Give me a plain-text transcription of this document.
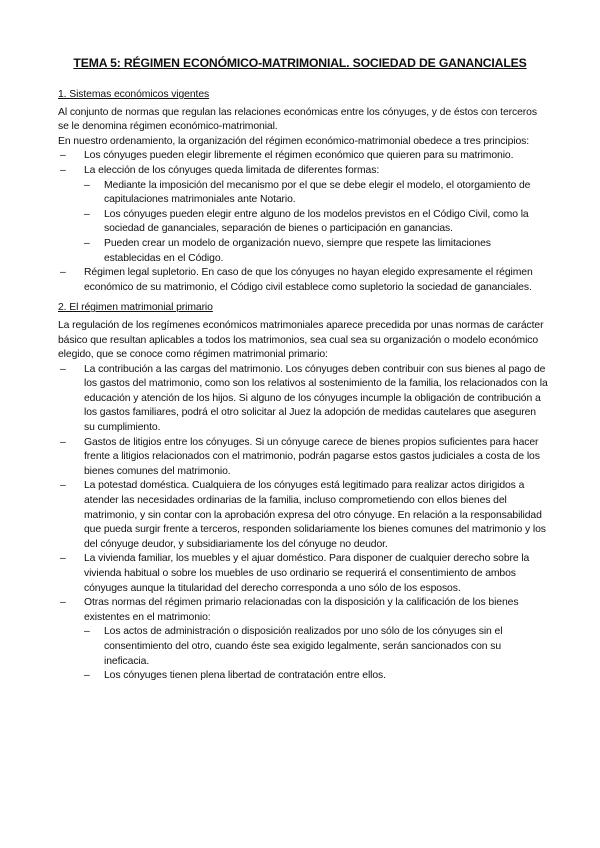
TEMA 5: RÉGIMEN ECONÓMICO-MATRIMONIAL. SOCIEDAD DE GANANCIALES
1. Sistemas económicos vigentes

Al conjunto de normas que regulan las relaciones económicas entre los cónyuges, y de éstos con terceros se le denomina régimen económico-matrimonial.

En nuestro ordenamiento, la organización del régimen económico-matrimonial obedece a tres principios:

– Los cónyuges pueden elegir libremente el régimen económico que quieren para su matrimonio.
– La elección de los cónyuges queda limitada de diferentes formas:
– Mediante la imposición del mecanismo por el que se debe elegir el modelo, el otorgamiento de capitulaciones matrimoniales ante Notario.
– Los cónyuges pueden elegir entre alguno de los modelos previstos en el Código Civil, como la sociedad de gananciales, separación de bienes o participación en ganancias.
– Pueden crear un modelo de organización nuevo, siempre que respete las limitaciones establecidas en el Código.
– Régimen legal supletorio. En caso de que los cónyuges no hayan elegido expresamente el régimen económico de su matrimonio, el Código civil establece como supletorio la sociedad de gananciales.
2. El régimen matrimonial primario

La regulación de los regímenes económicos matrimoniales aparece precedida por unas normas de carácter básico que resultan aplicables a todos los matrimonios, sea cual sea su organización o modelo económico elegido, que se conoce como régimen matrimonial primario:

– La contribución a las cargas del matrimonio. Los cónyuges deben contribuir con sus bienes al pago de los gastos del matrimonio, como son los relativos al sostenimiento de la familia, los relacionados con la educación y atención de los hijos. Si alguno de los cónyuges incumple la obligación de contribución a los gastos familiares, podrá el otro solicitar al Juez la adopción de medidas cautelares que aseguren su cumplimiento.
– Gastos de litigios entre los cónyuges. Si un cónyuge carece de bienes propios suficientes para hacer frente a litigios relacionados con el matrimonio, podrán pagarse estos gastos judiciales a costa de los bienes comunes del matrimonio.
– La potestad doméstica. Cualquiera de los cónyuges está legitimado para realizar actos dirigidos a atender las necesidades ordinarias de la familia, incluso comprometiendo con ellos bienes del matrimonio, y sin contar con la aprobación expresa del otro cónyuge. En relación a la responsabilidad que pueda surgir frente a terceros, responden solidariamente los bienes comunes del matrimonio y los del cónyuge deudor, y subsidiariamente los del cónyuge no deudor.
– La vivienda familiar, los muebles y el ajuar doméstico. Para disponer de cualquier derecho sobre la vivienda habitual o sobre los muebles de uso ordinario se requerirá el consentimiento de ambos cónyuges aunque la titularidad del derecho corresponda a uno sólo de los esposos.
– Otras normas del régimen primario relacionadas con la disposición y la calificación de los bienes existentes en el matrimonio:
– Los actos de administración o disposición realizados por uno sólo de los cónyuges sin el consentimiento del otro, cuando éste sea exigido legalmente, serán sancionados con su ineficacia.
– Los cónyuges tienen plena libertad de contratación entre ellos.
